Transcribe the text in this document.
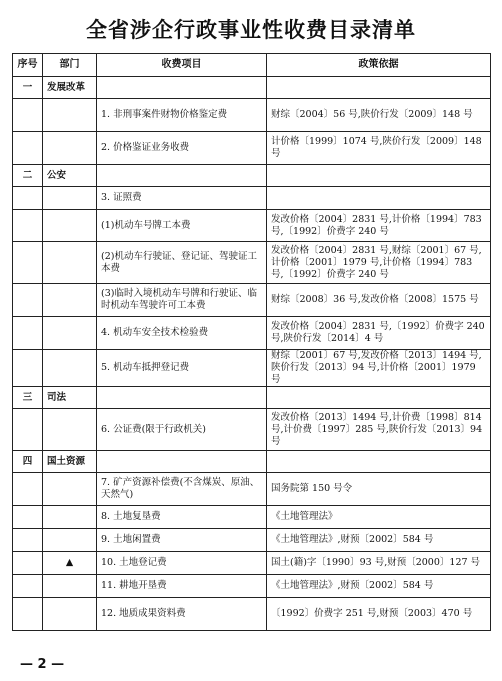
全省涉企行政事业性收费目录清单
序号	部门	收费项目	政策依据
一	发展改革		
		1. 非刑事案件财物价格鉴定费	财综〔2004〕56 号,陕价行发〔2009〕148 号
		2. 价格鉴证业务收费	计价格〔1999〕1074 号,陕价行发〔2009〕148 号
二	公安		
		3. 证照费	
		(1)机动车号牌工本费	发改价格〔2004〕2831 号,计价格〔1994〕783 号,〔1992〕价费字 240 号
		(2)机动车行驶证、登记证、驾驶证工本费	发改价格〔2004〕2831 号,财综〔2001〕67 号,计价格〔2001〕1979 号,计价格〔1994〕783 号,〔1992〕价费字 240 号
		(3)临时入境机动车号牌和行驶证、临时机动车驾驶许可工本费	财综〔2008〕36 号,发改价格〔2008〕1575 号
		4. 机动车安全技术检验费	发改价格〔2004〕2831 号,〔1992〕价费字 240 号,陕价行发〔2014〕4 号
		5. 机动车抵押登记费	财综〔2001〕67 号,发改价格〔2013〕1494 号,陕价行发〔2013〕94 号,计价格〔2001〕1979 号
三	司法		
		6. 公证费(限于行政机关)	发改价格〔2013〕1494 号,计价费〔1998〕814 号,计价费〔1997〕285 号,陕价行发〔2013〕94 号
四	国土资源		
		7. 矿产资源补偿费(不含煤炭、原油、天然气)	国务院第 150 号令
		8. 土地复垦费	《土地管理法》
		9. 土地闲置费	《土地管理法》,财预〔2002〕584 号
	▲	10. 土地登记费	国土(籍)字〔1990〕93 号,财预〔2000〕127 号
		11. 耕地开垦费	《土地管理法》,财预〔2002〕584 号
		12. 地质成果资料费	〔1992〕价费字 251 号,财预〔2003〕470 号
— 2 —
